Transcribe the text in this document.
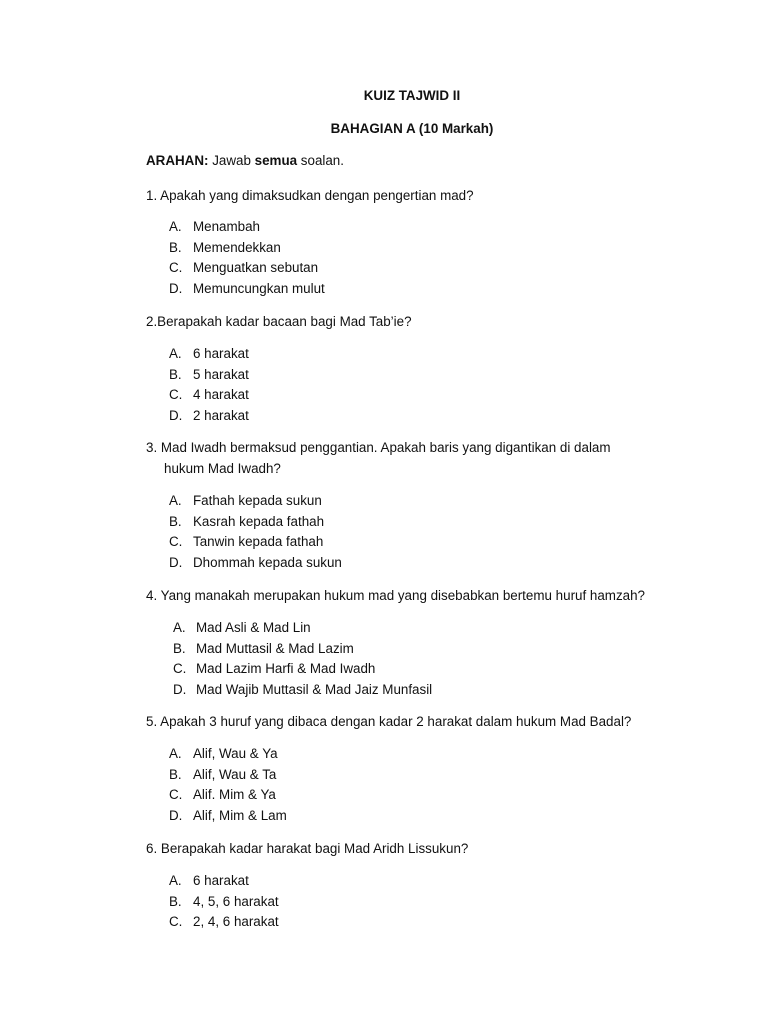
KUIZ TAJWID II

BAHAGIAN A (10 Markah)

ARAHAN: Jawab semua soalan.

1. Apakah yang dimaksudkan dengan pengertian mad?

A. Menambah
B. Memendekkan
C. Menguatkan sebutan
D. Memuncungkan mulut

2.Berapakah kadar bacaan bagi Mad Tab’ie?

A. 6 harakat
B. 5 harakat
C. 4 harakat
D. 2 harakat

3. Mad Iwadh bermaksud penggantian. Apakah baris yang digantikan di dalam
hukum Mad Iwadh?

A. Fathah kepada sukun
B. Kasrah kepada fathah
C. Tanwin kepada fathah
D. Dhommah kepada sukun

4. Yang manakah merupakan hukum mad yang disebabkan bertemu huruf hamzah?

A. Mad Asli & Mad Lin
B. Mad Muttasil & Mad Lazim
C. Mad Lazim Harfi & Mad Iwadh
D. Mad Wajib Muttasil & Mad Jaiz Munfasil

5. Apakah 3 huruf yang dibaca dengan kadar 2 harakat dalam hukum Mad Badal?

A. Alif, Wau & Ya
B. Alif, Wau & Ta
C. Alif. Mim & Ya
D. Alif, Mim & Lam

6. Berapakah kadar harakat bagi Mad Aridh Lissukun?

A. 6 harakat
B. 4, 5, 6 harakat
C. 2, 4, 6 harakat
